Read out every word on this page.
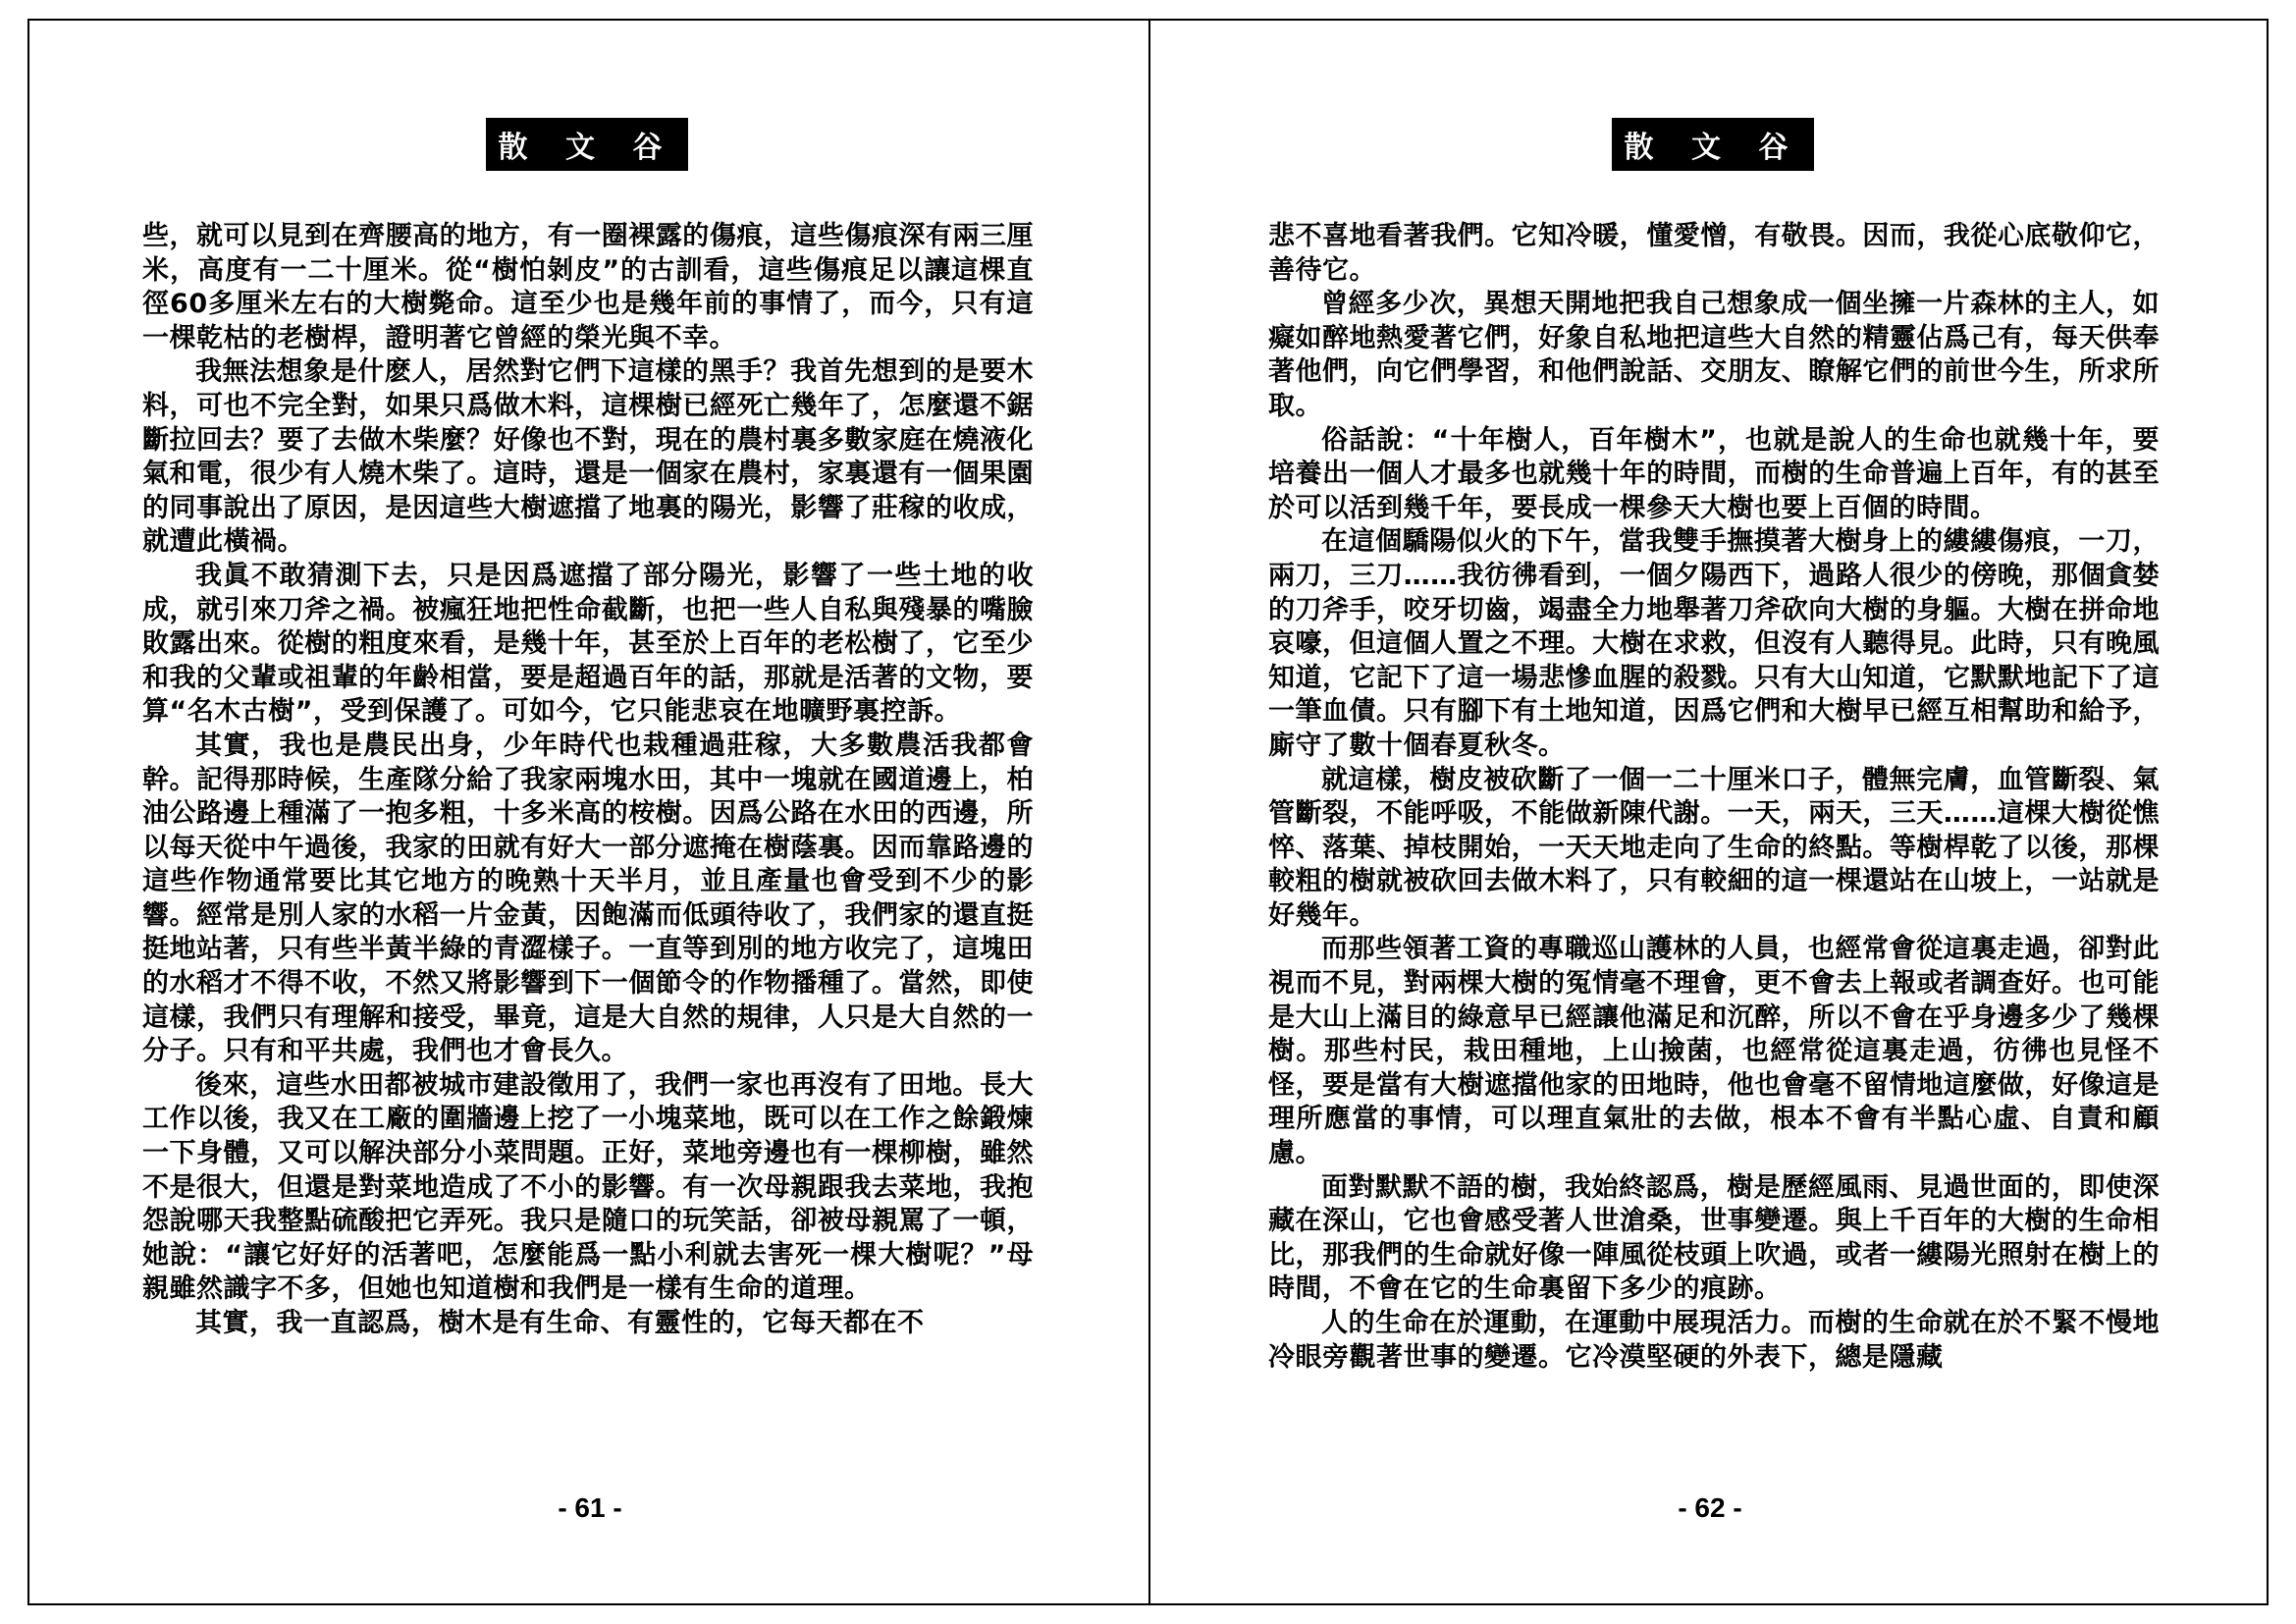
散 文 谷

些，就可以見到在齊腰高的地方，有一圈裸露的傷痕，這些傷痕深有兩三厘米，高度有一二十厘米。從“樹怕剝皮”的古訓看，這些傷痕足以讓這棵直徑60多厘米左右的大樹斃命。這至少也是幾年前的事情了，而今，只有這一棵乾枯的老樹桿，證明著它曾經的榮光與不幸。

我無法想象是什麽人，居然對它們下這樣的黑手？我首先想到的是要木料，可也不完全對，如果只爲做木料，這棵樹已經死亡幾年了，怎麼還不鋸斷拉回去？要了去做木柴麼？好像也不對，現在的農村裏多數家庭在燒液化氣和電，很少有人燒木柴了。這時，還是一個家在農村，家裏還有一個果園的同事說出了原因，是因這些大樹遮擋了地裏的陽光，影響了莊稼的收成，就遭此橫禍。

我眞不敢猜測下去，只是因爲遮擋了部分陽光，影響了一些土地的收成，就引來刀斧之禍。被瘋狂地把性命截斷，也把一些人自私與殘暴的嘴臉敗露出來。從樹的粗度來看，是幾十年，甚至於上百年的老松樹了，它至少和我的父輩或祖輩的年齡相當，要是超過百年的話，那就是活著的文物，要算“名木古樹”，受到保護了。可如今，它只能悲哀在地曠野裏控訴。

其實，我也是農民出身，少年時代也栽種過莊稼，大多數農活我都會幹。記得那時候，生產隊分給了我家兩塊水田，其中一塊就在國道邊上，柏油公路邊上種滿了一抱多粗，十多米高的桉樹。因爲公路在水田的西邊，所以每天從中午過後，我家的田就有好大一部分遮掩在樹蔭裏。因而靠路邊的這些作物通常要比其它地方的晚熟十天半月，並且產量也會受到不少的影響。經常是別人家的水稻一片金黃，因飽滿而低頭待收了，我們家的還直挺挺地站著，只有些半黃半綠的青澀樣子。一直等到別的地方收完了，這塊田的水稻才不得不收，不然又將影響到下一個節令的作物播種了。當然，即使這樣，我們只有理解和接受，畢竟，這是大自然的規律，人只是大自然的一分子。只有和平共處，我們也才會長久。

後來，這些水田都被城市建設徵用了，我們一家也再沒有了田地。長大工作以後，我又在工廠的圍牆邊上挖了一小塊菜地，既可以在工作之餘鍛煉一下身體，又可以解決部分小菜問題。正好，菜地旁邊也有一棵柳樹，雖然不是很大，但還是對菜地造成了不小的影響。有一次母親跟我去菜地，我抱怨說哪天我整點硫酸把它弄死。我只是隨口的玩笑話，卻被母親罵了一頓，她說：“讓它好好的活著吧，怎麼能爲一點小利就去害死一棵大樹呢？”母親雖然識字不多，但她也知道樹和我們是一樣有生命的道理。

其實，我一直認爲，樹木是有生命、有靈性的，它每天都在不

- 61 -
散 文 谷

悲不喜地看著我們。它知冷暖，懂愛憎，有敬畏。因而，我從心底敬仰它，善待它。

曾經多少次，異想天開地把我自己想象成一個坐擁一片森林的主人，如癡如醉地熱愛著它們，好象自私地把這些大自然的精靈佔爲己有，每天供奉著他們，向它們學習，和他們說話、交朋友、瞭解它們的前世今生，所求所取。

俗話說：“十年樹人，百年樹木”，也就是說人的生命也就幾十年，要培養出一個人才最多也就幾十年的時間，而樹的生命普遍上百年，有的甚至於可以活到幾千年，要長成一棵參天大樹也要上百個的時間。

在這個驕陽似火的下午，當我雙手撫摸著大樹身上的縷縷傷痕，一刀，兩刀，三刀……我彷彿看到，一個夕陽西下，過路人很少的傍晚，那個貪婪的刀斧手，咬牙切齒，竭盡全力地舉著刀斧砍向大樹的身軀。大樹在拼命地哀嚎，但這個人置之不理。大樹在求救，但沒有人聽得見。此時，只有晚風知道，它記下了這一場悲慘血腥的殺戮。只有大山知道，它默默地記下了這一筆血債。只有腳下有土地知道，因爲它們和大樹早已經互相幫助和給予，廝守了數十個春夏秋冬。

就這樣，樹皮被砍斷了一個一二十厘米口子，體無完膚，血管斷裂、氣管斷裂，不能呼吸，不能做新陳代謝。一天，兩天，三天……這棵大樹從憔悴、落葉、掉枝開始，一天天地走向了生命的終點。等樹桿乾了以後，那棵較粗的樹就被砍回去做木料了，只有較細的這一棵還站在山坡上，一站就是好幾年。

而那些領著工資的專職巡山護林的人員，也經常會從這裏走過，卻對此視而不見，對兩棵大樹的冤情毫不理會，更不會去上報或者調查好。也可能是大山上滿目的綠意早已經讓他滿足和沉醉，所以不會在乎身邊多少了幾棵樹。那些村民，栽田種地，上山撿菌，也經常從這裏走過，彷彿也見怪不怪，要是當有大樹遮擋他家的田地時，他也會毫不留情地這麼做，好像這是理所應當的事情，可以理直氣壯的去做，根本不會有半點心虛、自責和顧慮。

面對默默不語的樹，我始終認爲，樹是歷經風雨、見過世面的，即使深藏在深山，它也會感受著人世滄桑，世事變遷。與上千百年的大樹的生命相比，那我們的生命就好像一陣風從枝頭上吹過，或者一縷陽光照射在樹上的時間，不會在它的生命裏留下多少的痕跡。

人的生命在於運動，在運動中展現活力。而樹的生命就在於不緊不慢地冷眼旁觀著世事的變遷。它冷漠堅硬的外表下，總是隱藏

- 62 -
